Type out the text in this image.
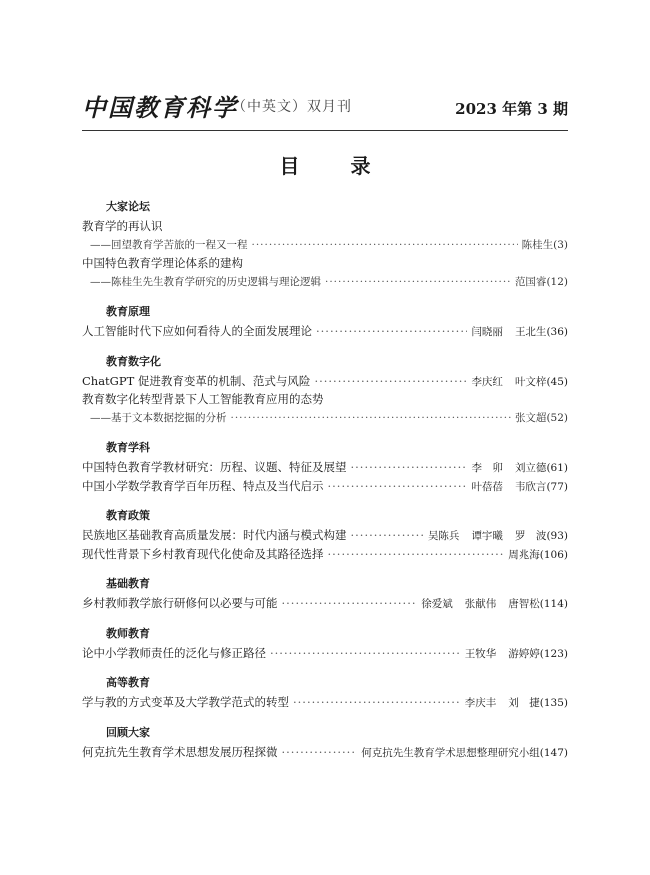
中国教育科学
（中英文）双月刊	2023 年第 3 期
目 录
大家论坛
教育学的再认识
——回望教育学苦旅的一程又一程 ·····	陈桂生 (3)
中国特色教育学理论体系的建构
——陈桂生先生教育学研究的历史逻辑与理论逻辑 ·····	范国睿 (12)
教育原理
人工智能时代下应如何看待人的全面发展理论 ·····	闫晓丽 王北生 (36)
教育数字化
ChatGPT 促进教育变革的机制、范式与风险 ·····	李庆红 叶文梓 (45)
教育数字化转型背景下人工智能教育应用的态势
——基于文本数据挖掘的分析 ·····	张文超 (52)
教育学科
中国特色教育学教材研究：历程、议题、特征及展望 ·····	李　卯 刘立德 (61)
中国小学数学教育学百年历程、特点及当代启示 ·····	叶蓓蓓 韦欣言 (77)
教育政策
民族地区基础教育高质量发展：时代内涵与模式构建 ·····	吴陈兵 谭宇曦 罗　波 (93)
现代性背景下乡村教育现代化使命及其路径选择 ·····	周兆海 (106)
基础教育
乡村教师教学旅行研修何以必要与可能 ·····	徐爱斌 张献伟 唐智松 (114)
教师教育
论中小学教师责任的泛化与修正路径 ·····	王牧华 游婷婷 (123)
高等教育
学与教的方式变革及大学教学范式的转型 ·····	李庆丰 刘　捷 (135)
回顾大家
何克抗先生教育学术思想发展历程探微 ·····	何克抗先生教育学术思想整理研究小组 (147)
